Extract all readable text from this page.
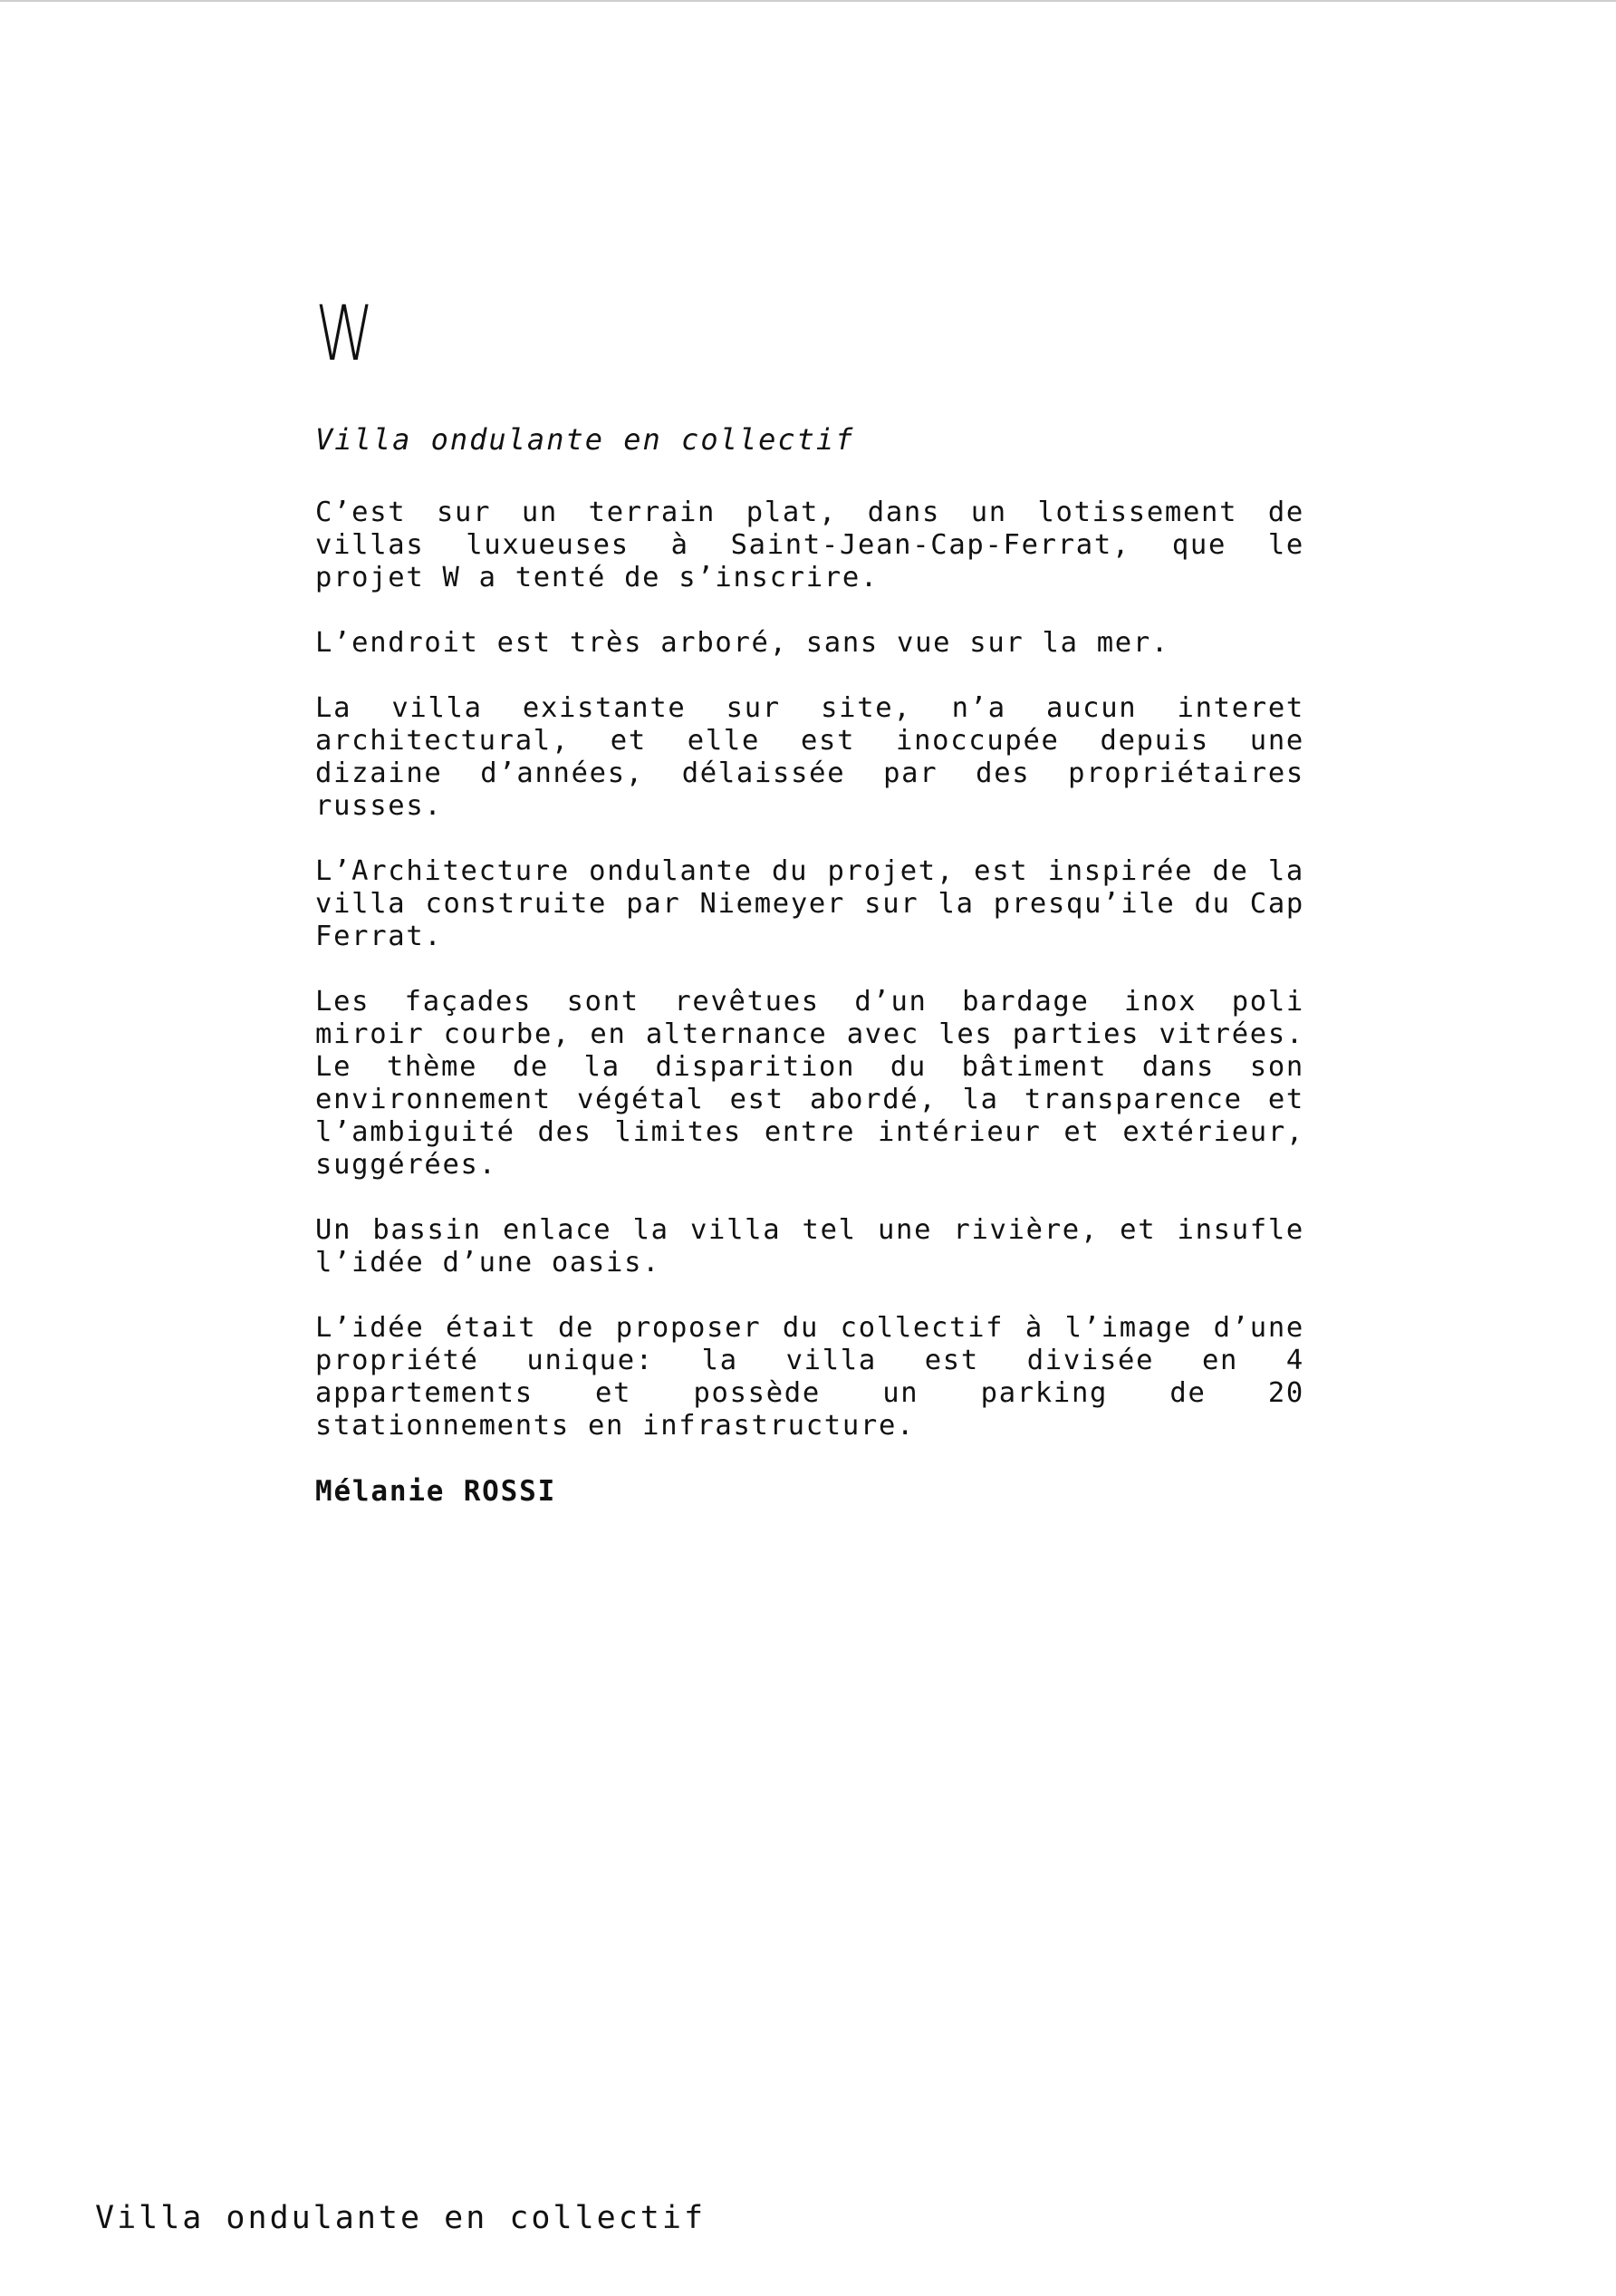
W
Villa ondulante en collectif

C’est sur un terrain plat, dans un lotissement de villas luxueuses à Saint-Jean-Cap-Ferrat, que le projet W a tenté de s’inscrire.

L’endroit est très arboré, sans vue sur la mer.

La villa existante sur site, n’a aucun interet architectural, et elle est inoccupée depuis une dizaine d’années, délaissée par des propriétaires russes.

L’Architecture ondulante du projet, est inspirée de la villa construite par Niemeyer sur la presqu’ile du Cap Ferrat.

Les façades sont revêtues d’un bardage inox poli miroir courbe, en alternance avec les parties vitrées. Le thème de la disparition du bâtiment dans son environnement végétal est abordé, la transparence et l’ambiguité des limites entre intérieur et extérieur, suggérées.

Un bassin enlace la villa tel une rivière, et insufle l’idée d’une oasis.

L’idée était de proposer du collectif à l’image d’une propriété unique: la villa est divisée en 4 appartements et possède un parking de 20 stationnements en infrastructure.

Mélanie ROSSI
Villa ondulante en collectif
